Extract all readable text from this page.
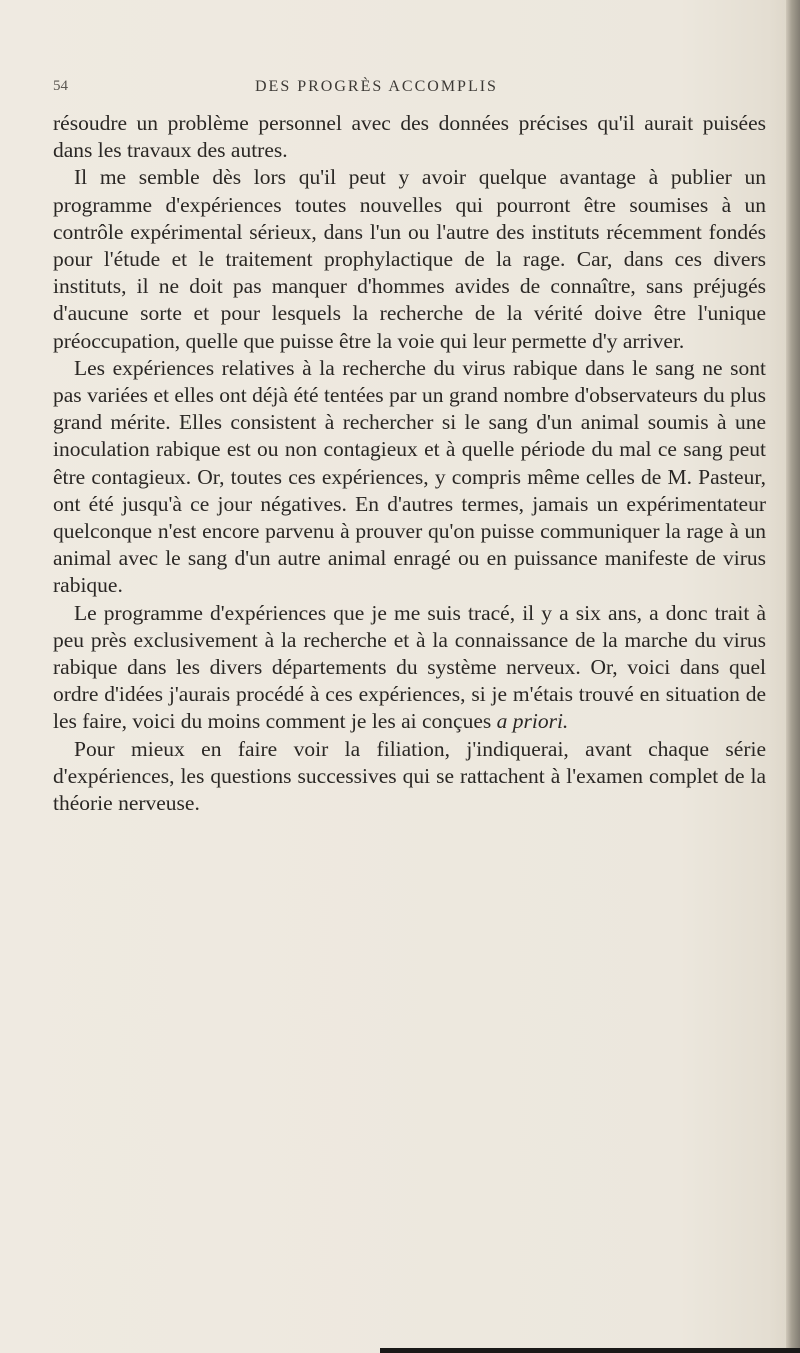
54	DES PROGRÈS ACCOMPLIS

résoudre un problème personnel avec des données précises qu'il aurait puisées dans les travaux des autres.

Il me semble dès lors qu'il peut y avoir quelque avantage à publier un programme d'expériences toutes nouvelles qui pourront être soumises à un contrôle expérimental sérieux, dans l'un ou l'autre des instituts récemment fondés pour l'étude et le traitement prophylactique de la rage. Car, dans ces divers instituts, il ne doit pas manquer d'hommes avides de connaître, sans préjugés d'aucune sorte et pour lesquels la recherche de la vérité doive être l'unique préoccupation, quelle que puisse être la voie qui leur permette d'y arriver.

Les expériences relatives à la recherche du virus rabique dans le sang ne sont pas variées et elles ont déjà été tentées par un grand nombre d'observateurs du plus grand mérite. Elles consistent à rechercher si le sang d'un animal soumis à une inoculation rabique est ou non contagieux et à quelle période du mal ce sang peut être contagieux. Or, toutes ces expériences, y compris même celles de M. Pasteur, ont été jusqu'à ce jour négatives. En d'autres termes, jamais un expérimentateur quelconque n'est encore parvenu à prouver qu'on puisse communiquer la rage à un animal avec le sang d'un autre animal enragé ou en puissance manifeste de virus rabique.

Le programme d'expériences que je me suis tracé, il y a six ans, a donc trait à peu près exclusivement à la recherche et à la connaissance de la marche du virus rabique dans les divers départements du système nerveux. Or, voici dans quel ordre d'idées j'aurais procédé à ces expériences, si je m'étais trouvé en situation de les faire, voici du moins comment je les ai conçues a priori.

Pour mieux en faire voir la filiation, j'indiquerai, avant chaque série d'expériences, les questions successives qui se rattachent à l'examen complet de la théorie nerveuse.
